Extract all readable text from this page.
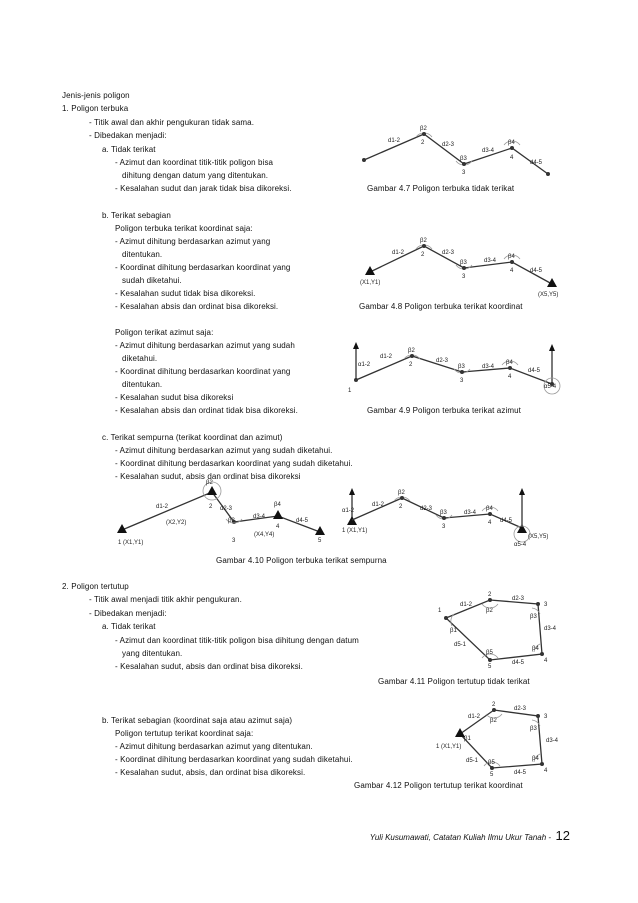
Jenis-jenis poligon
1. Poligon terbuka
- Titik awal dan akhir pengukuran tidak sama.
- Dibedakan menjadi:
a. Tidak terikat
- Azimut dan koordinat titik-titik poligon bisa
dihitung dengan datum yang ditentukan.
- Kesalahan sudut dan jarak tidak bisa dikoreksi.	Gambar 4.7 Poligon terbuka tidak terikat
b. Terikat sebagian
Poligon terbuka terikat koordinat saja:
- Azimut dihitung berdasarkan azimut yang
ditentukan.
- Koordinat dihitung berdasarkan koordinat yang
sudah diketahui.
- Kesalahan sudut tidak bisa dikoreksi.
- Kesalahan absis dan ordinat bisa dikoreksi.	Gambar 4.8 Poligon terbuka terikat koordinat
Poligon terikat azimut saja:
- Azimut dihitung berdasarkan azimut yang sudah
diketahui.
- Koordinat dihitung berdasarkan koordinat yang
ditentukan.
- Kesalahan sudut bisa dikoreksi
- Kesalahan absis dan ordinat tidak bisa dikoreksi.	Gambar 4.9 Poligon terbuka terikat azimut
c. Terikat sempurna (terikat koordinat dan azimut)
- Azimut dihitung berdasarkan azimut yang sudah diketahui.
- Koordinat dihitung berdasarkan koordinat yang sudah diketahui.
- Kesalahan sudut, absis dan ordinat bisa dikoreksi
Gambar 4.10 Poligon terbuka terikat sempurna
2. Poligon tertutup
- Titik awal menjadi titik akhir pengukuran.
- Dibedakan menjadi:
a. Tidak terikat
- Azimut dan koordinat titik-titik poligon bisa dihitung dengan datum
yang ditentukan.
- Kesalahan sudut, absis dan ordinat bisa dikoreksi.
Gambar 4.11 Poligon tertutup tidak terikat
b. Terikat sebagian (koordinat saja atau azimut saja)
Poligon tertutup terikat koordinat saja:
- Azimut dihitung berdasarkan azimut yang ditentukan.
- Koordinat dihitung berdasarkan koordinat yang sudah diketahui.
- Kesalahan sudut, absis, dan ordinat bisa dikoreksi.
Gambar 4.12 Poligon tertutup terikat koordinat
d1-2
β2
2	d2-3
β3
3
d3-4
β4
4
d4-5
(X1,Y1)
d1-2
β2
2	d2-3
β3
3
d3-4
β4
4	d4-5
(X5,Y5)
α1-2
d1-2
β2
2
d2-3
β3
3
d3-4
β4
4
d4-5
α5-4
1
d1-2
β2
2
(X2,Y2)
d2-3
β3
3
d3-4
β4
4
(X4,Y4)
d4-5
5
1 (X1,Y1)
α1-2
d1-2
β2
2	d2-3
β3
3
d3-4
β4
4 d4-5
α5-4
(X5,Y5)
1 (X1,Y1)
1
β1
d1-2
2
β2
d2-3
3
β3
d3-4
β4
4
d4-5
β5
5
d5-1
1 (X1,Y1)
β1
d1-2
2
β2
d2-3
3
β3
d3-4
β4
4
d4-5
β5
5
d5-1
Yuli Kusumawati, Catatan Kuliah Ilmu Ukur Tanah - 12
